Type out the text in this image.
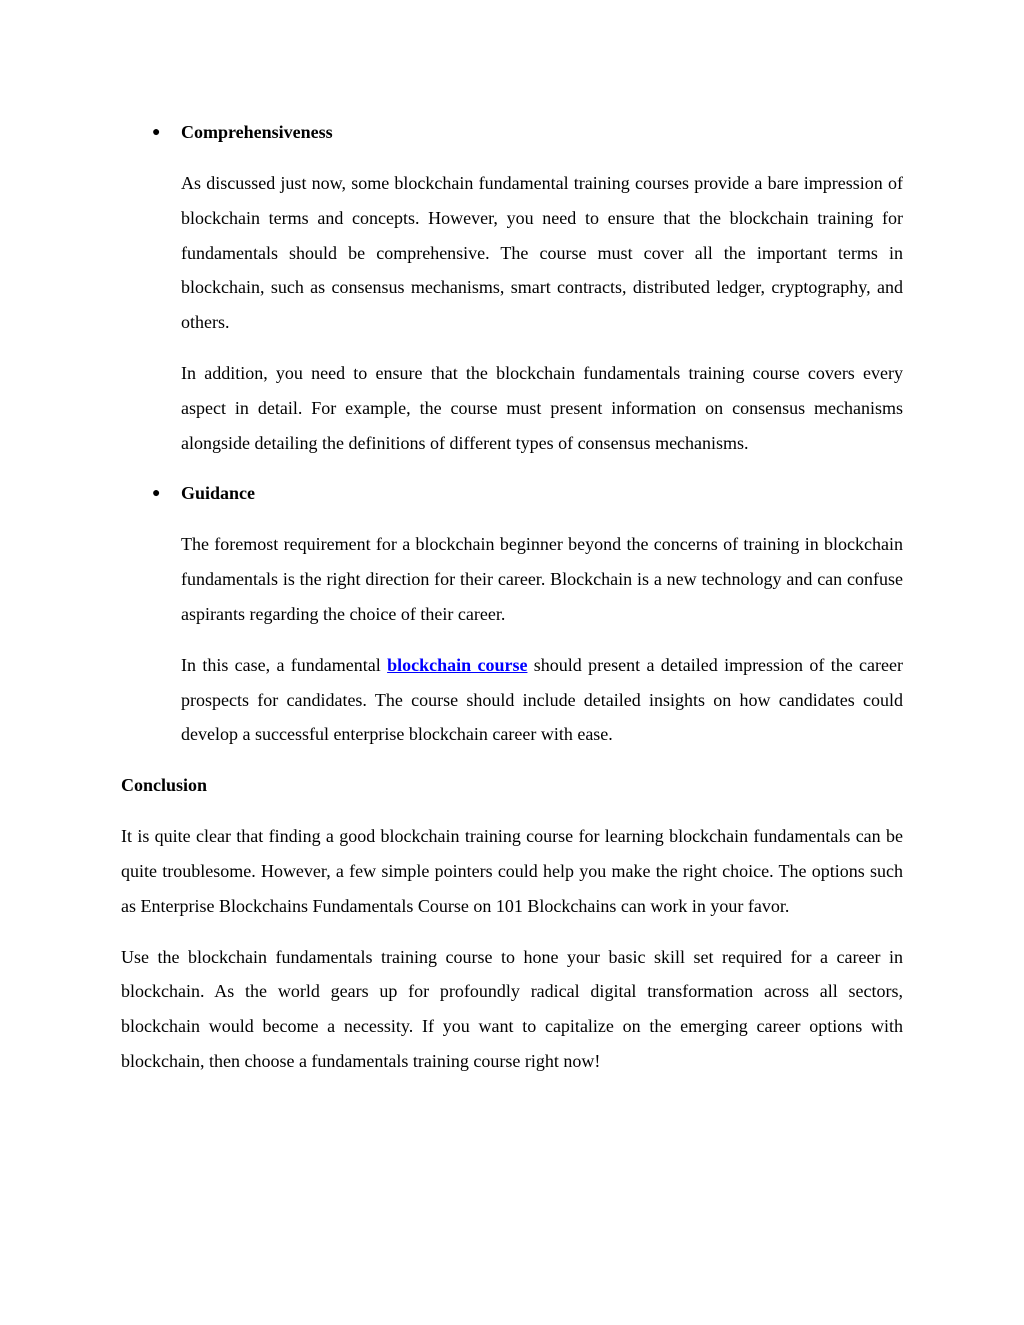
● Comprehensiveness

As discussed just now, some blockchain fundamental training courses provide a bare impression of blockchain terms and concepts. However, you need to ensure that the blockchain training for fundamentals should be comprehensive. The course must cover all the important terms in blockchain, such as consensus mechanisms, smart contracts, distributed ledger, cryptography, and others.

In addition, you need to ensure that the blockchain fundamentals training course covers every aspect in detail. For example, the course must present information on consensus mechanisms alongside detailing the definitions of different types of consensus mechanisms.

● Guidance

The foremost requirement for a blockchain beginner beyond the concerns of training in blockchain fundamentals is the right direction for their career. Blockchain is a new technology and can confuse aspirants regarding the choice of their career.

In this case, a fundamental blockchain course should present a detailed impression of the career prospects for candidates. The course should include detailed insights on how candidates could develop a successful enterprise blockchain career with ease.

Conclusion

It is quite clear that finding a good blockchain training course for learning blockchain fundamentals can be quite troublesome. However, a few simple pointers could help you make the right choice. The options such as Enterprise Blockchains Fundamentals Course on 101 Blockchains can work in your favor.

Use the blockchain fundamentals training course to hone your basic skill set required for a career in blockchain. As the world gears up for profoundly radical digital transformation across all sectors, blockchain would become a necessity. If you want to capitalize on the emerging career options with blockchain, then choose a fundamentals training course right now!
